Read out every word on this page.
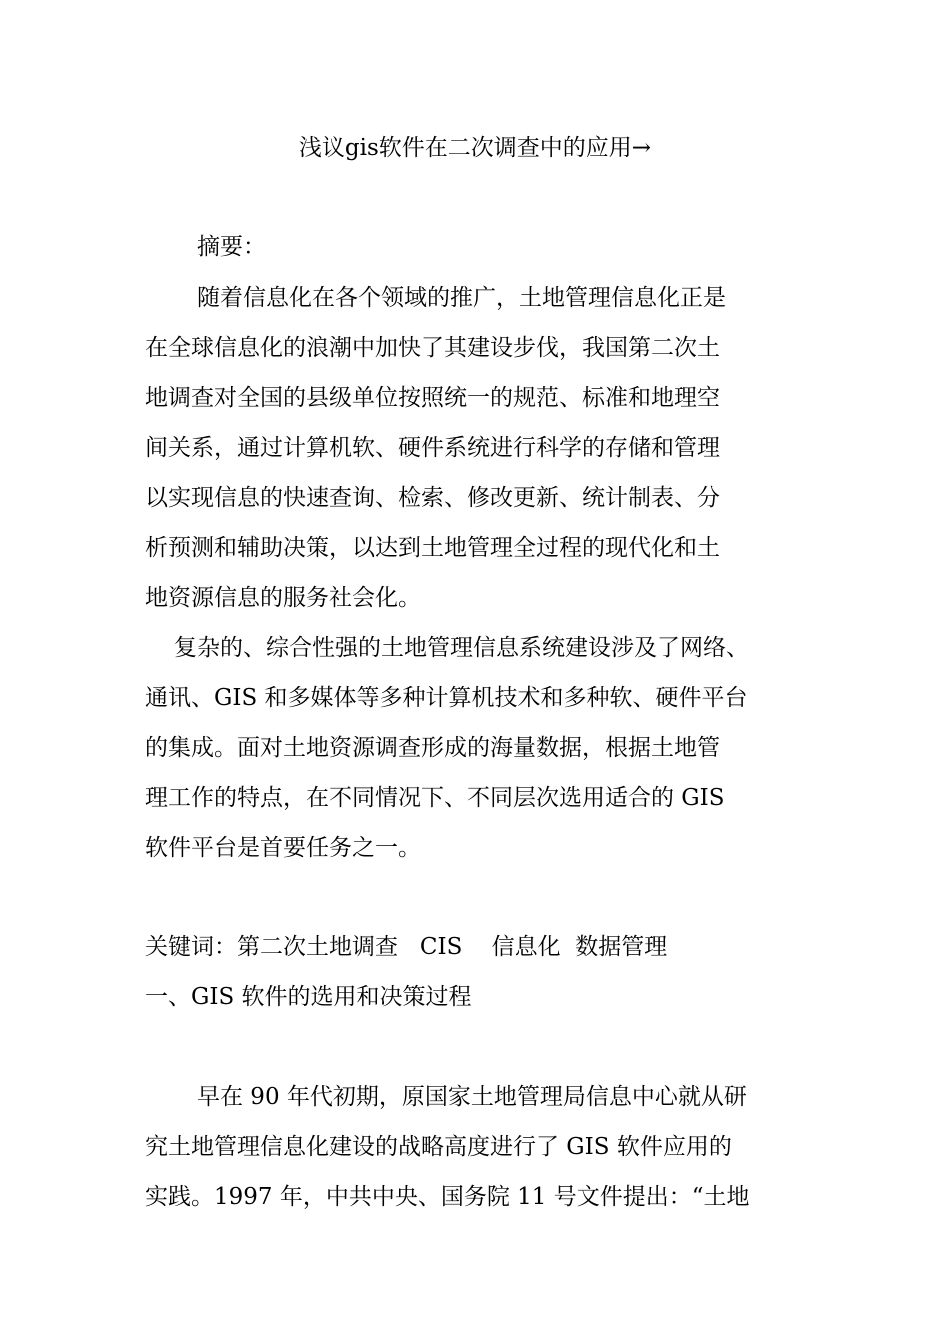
浅议gis软件在二次调查中的应用→
摘要：
随着信息化在各个领域的推广，土地管理信息化正是
在全球信息化的浪潮中加快了其建设步伐，我国第二次土
地调查对全国的县级单位按照统一的规范、标准和地理空
间关系，通过计算机软、硬件系统进行科学的存储和管理
以实现信息的快速查询、检索、修改更新、统计制表、分
析预测和辅助决策，以达到土地管理全过程的现代化和土
地资源信息的服务社会化。
复杂的、综合性强的土地管理信息系统建设涉及了网络、
通讯、GIS 和多媒体等多种计算机技术和多种软、硬件平台
的集成。面对土地资源调查形成的海量数据，根据土地管
理工作的特点，在不同情况下、不同层次选用适合的 GIS
软件平台是首要任务之一。
关键词：第二次土地调查   CIS    信息化  数据管理
一、GIS 软件的选用和决策过程
早在 90 年代初期，原国家土地管理局信息中心就从研
究土地管理信息化建设的战略高度进行了 GIS 软件应用的
实践。1997 年，中共中央、国务院 11 号文件提出：“土地
